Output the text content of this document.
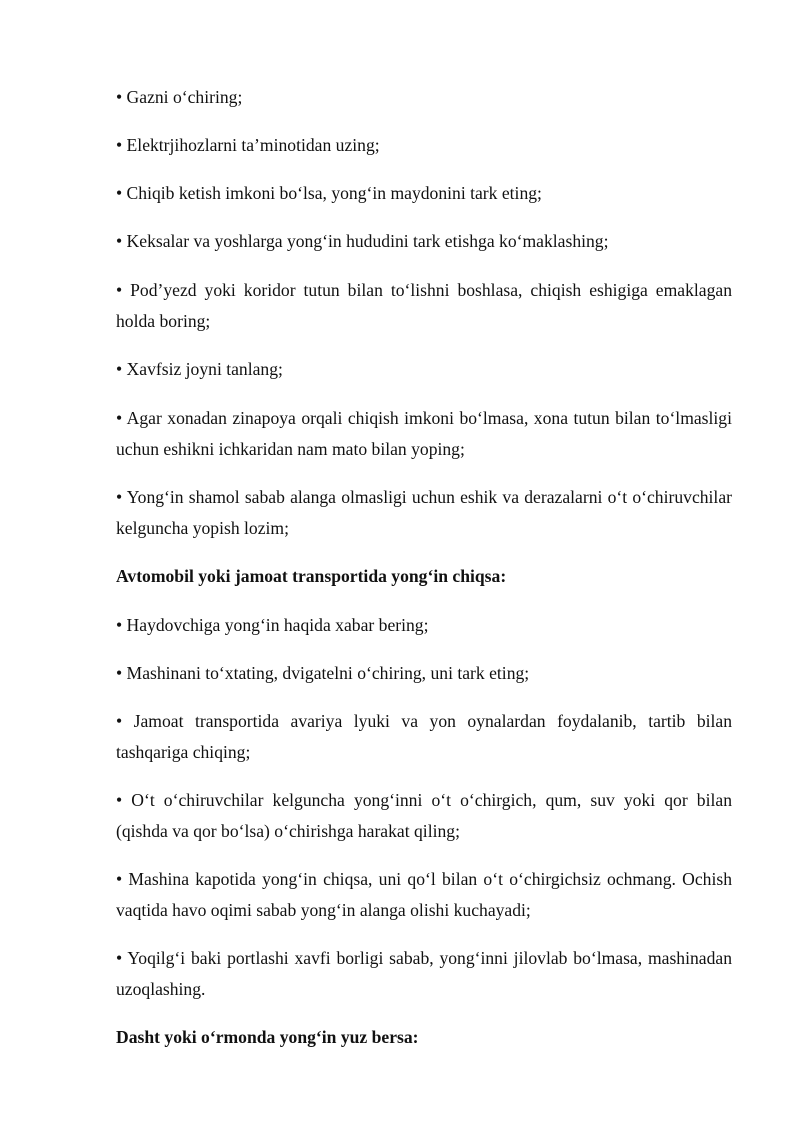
• Gazni o‘chiring;

• Elektrjihozlarni ta’minotidan uzing;

• Chiqib ketish imkoni bo‘lsa, yong‘in maydonini tark eting;

• Keksalar va yoshlarga yong‘in hududini tark etishga ko‘maklashing;

• Pod’yezd yoki koridor tutun bilan to‘lishni boshlasa, chiqish eshigiga emaklagan holda boring;

• Xavfsiz joyni tanlang;

• Agar xonadan zinapoya orqali chiqish imkoni bo‘lmasa, xona tutun bilan to‘lmasligi uchun eshikni ichkaridan nam mato bilan yoping;

• Yong‘in shamol sabab alanga olmasligi uchun eshik va derazalarni o‘t o‘chiruvchilar kelguncha yopish lozim;

Avtomobil yoki jamoat transportida yong‘in chiqsa:

• Haydovchiga yong‘in haqida xabar bering;

• Mashinani to‘xtating, dvigatelni o‘chiring, uni tark eting;

• Jamoat transportida avariya lyuki va yon oynalardan foydalanib, tartib bilan tashqariga chiqing;

• O‘t o‘chiruvchilar kelguncha yong‘inni o‘t o‘chirgich, qum, suv yoki qor bilan (qishda va qor bo‘lsa) o‘chirishga harakat qiling;

• Mashina kapotida yong‘in chiqsa, uni qo‘l bilan o‘t o‘chirgichsiz ochmang. Ochish vaqtida havo oqimi sabab yong‘in alanga olishi kuchayadi;

• Yoqilg‘i baki portlashi xavfi borligi sabab, yong‘inni jilovlab bo‘lmasa, mashinadan uzoqlashing.

Dasht yoki o‘rmonda yong‘in yuz bersa:
